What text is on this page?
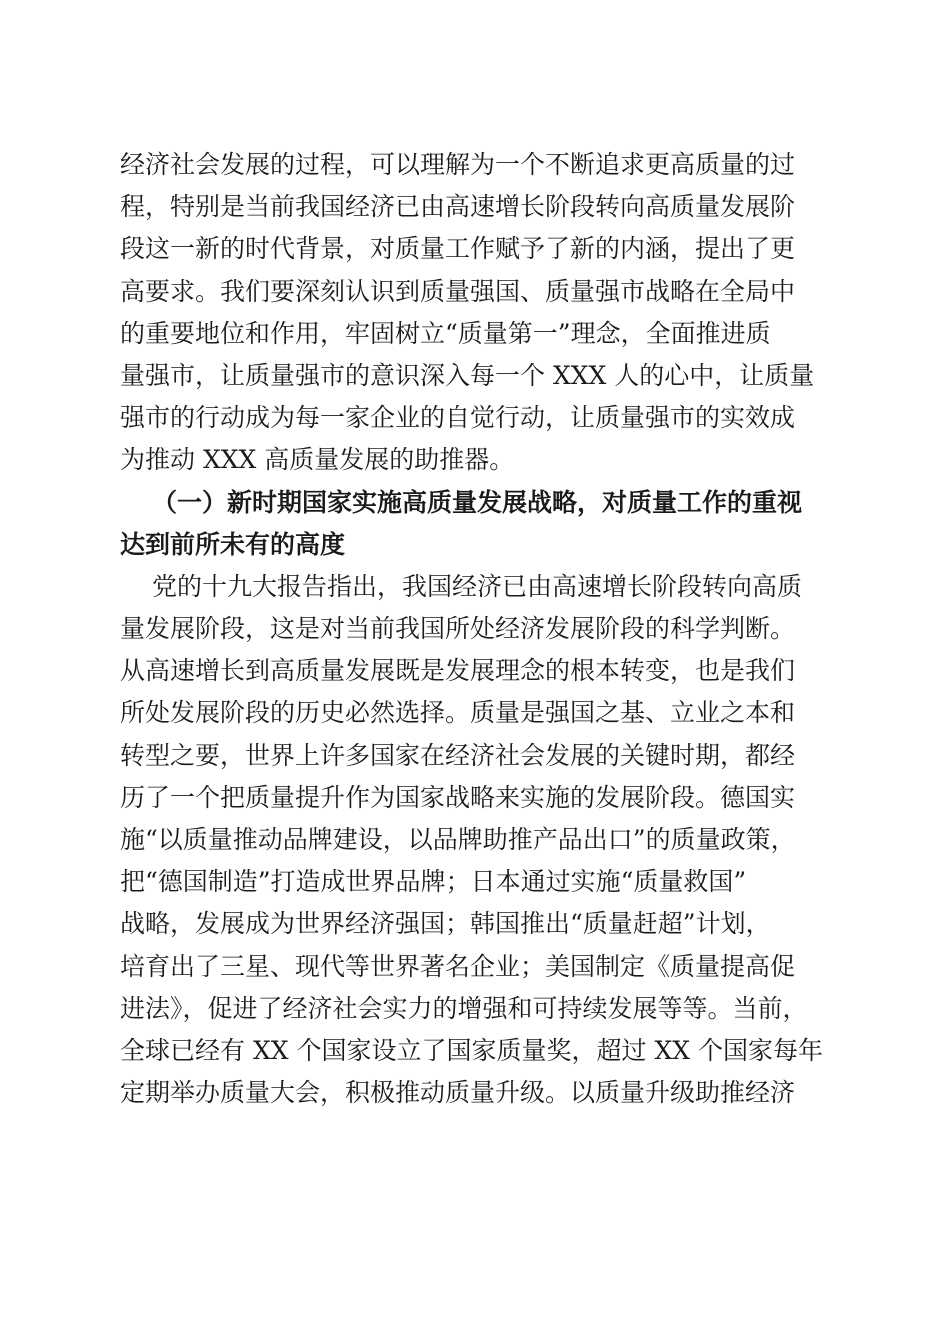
经济社会发展的过程，可以理解为一个不断追求更高质量的过
程，特别是当前我国经济已由高速增长阶段转向高质量发展阶
段这一新的时代背景，对质量工作赋予了新的内涵，提出了更
高要求。我们要深刻认识到质量强国、质量强市战略在全局中
的重要地位和作用，牢固树立“质量第一”理念，全面推进质
量强市，让质量强市的意识深入每一个 XXX 人的心中，让质量
强市的行动成为每一家企业的自觉行动，让质量强市的实效成
为推动 XXX 高质量发展的助推器。
（一）新时期国家实施高质量发展战略，对质量工作的重视
达到前所未有的高度
党的十九大报告指出，我国经济已由高速增长阶段转向高质
量发展阶段，这是对当前我国所处经济发展阶段的科学判断。
从高速增长到高质量发展既是发展理念的根本转变，也是我们
所处发展阶段的历史必然选择。质量是强国之基、立业之本和
转型之要，世界上许多国家在经济社会发展的关键时期，都经
历了一个把质量提升作为国家战略来实施的发展阶段。德国实
施“以质量推动品牌建设，以品牌助推产品出口”的质量政策，
把“德国制造”打造成世界品牌；日本通过实施“质量救国”
战略，发展成为世界经济强国；韩国推出“质量赶超”计划，
培育出了三星、现代等世界著名企业；美国制定《质量提高促
进法》，促进了经济社会实力的增强和可持续发展等等。当前，
全球已经有 XX 个国家设立了国家质量奖，超过 XX 个国家每年
定期举办质量大会，积极推动质量升级。以质量升级助推经济
